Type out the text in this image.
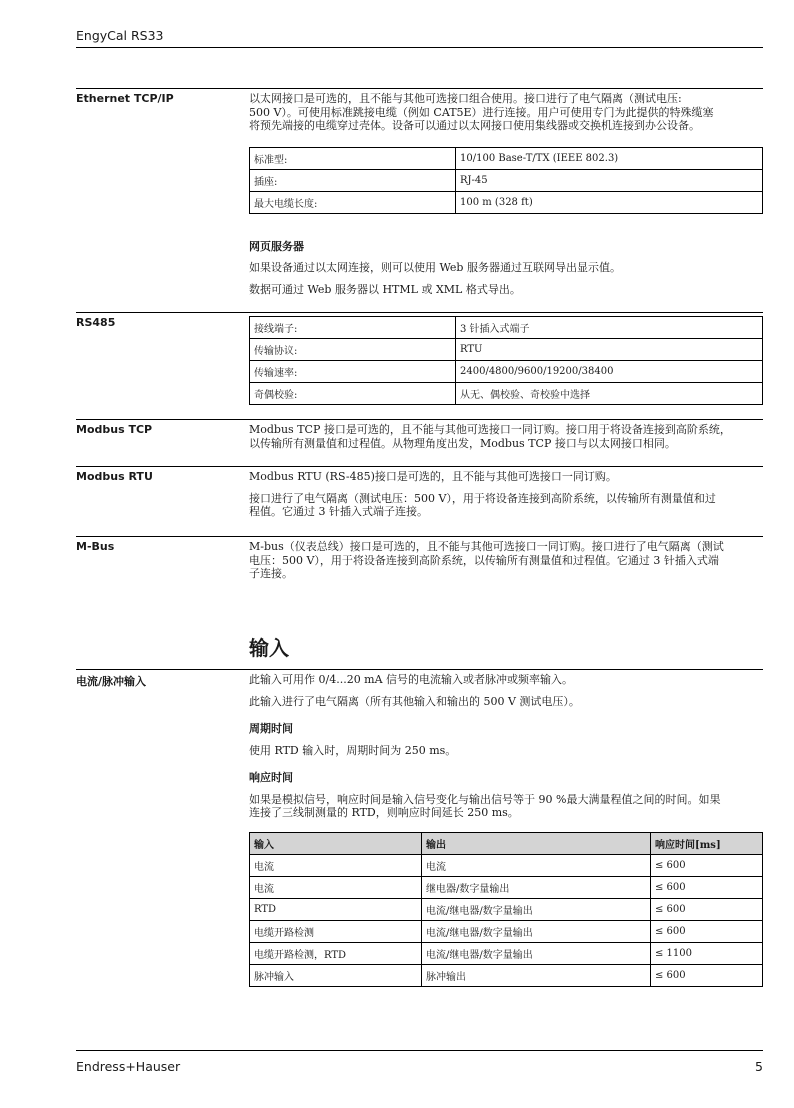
EngyCal RS33
Ethernet TCP/IP	以太网接口是可选的，且不能与其他可选接口组合使用。接口进行了电气隔离（测试电压:
500 V）。可使用标准跳接电缆（例如 CAT5E）进行连接。用户可使用专门为此提供的特殊缆塞
将预先端接的电缆穿过壳体。设备可以通过以太网接口使用集线器或交换机连接到办公设备。

标准型:	10/100 Base-T/TX (IEEE 802.3)
插座:	RJ-45
最大电缆长度:	100 m (328 ft)

网页服务器

如果设备通过以太网连接，则可以使用 Web 服务器通过互联网导出显示值。

数据可通过 Web 服务器以 HTML 或 XML 格式导出。

RS485
接线端子:	3 针插入式端子
传输协议:	RTU
传输速率:	2400/4800/9600/19200/38400
奇偶校验:	从无、偶校验、奇校验中选择
Modbus TCP	Modbus TCP 接口是可选的，且不能与其他可选接口一同订购。接口用于将设备连接到高阶系统，
以传输所有测量值和过程值。从物理角度出发，Modbus TCP 接口与以太网接口相同。

Modbus RTU	Modbus RTU (RS-485)接口是可选的，且不能与其他可选接口一同订购。

接口进行了电气隔离（测试电压：500 V），用于将设备连接到高阶系统，以传输所有测量值和过
程值。它通过 3 针插入式端子连接。

M-Bus	M-bus（仪表总线）接口是可选的，且不能与其他可选接口一同订购。接口进行了电气隔离（测试
电压：500 V），用于将设备连接到高阶系统，以传输所有测量值和过程值。它通过 3 针插入式端
子连接。

输入
电流/脉冲输入	此输入可用作 0/4...20 mA 信号的电流输入或者脉冲或频率输入。

此输入进行了电气隔离（所有其他输入和输出的 500 V 测试电压）。

周期时间

使用 RTD 输入时，周期时间为 250 ms。

响应时间

如果是模拟信号，响应时间是输入信号变化与输出信号等于 90 %最大满量程值之间的时间。如果
连接了三线制测量的 RTD，则响应时间延长 250 ms。

输入	输出	响应时间[ms]
电流	电流	≤ 600
电流	继电器/数字量输出	≤ 600
RTD	电流/继电器/数字量输出	≤ 600
电缆开路检测	电流/继电器/数字量输出	≤ 600
电缆开路检测，RTD	电流/继电器/数字量输出	≤ 1100
脉冲输入	脉冲输出	≤ 600
Endress+Hauser	5
